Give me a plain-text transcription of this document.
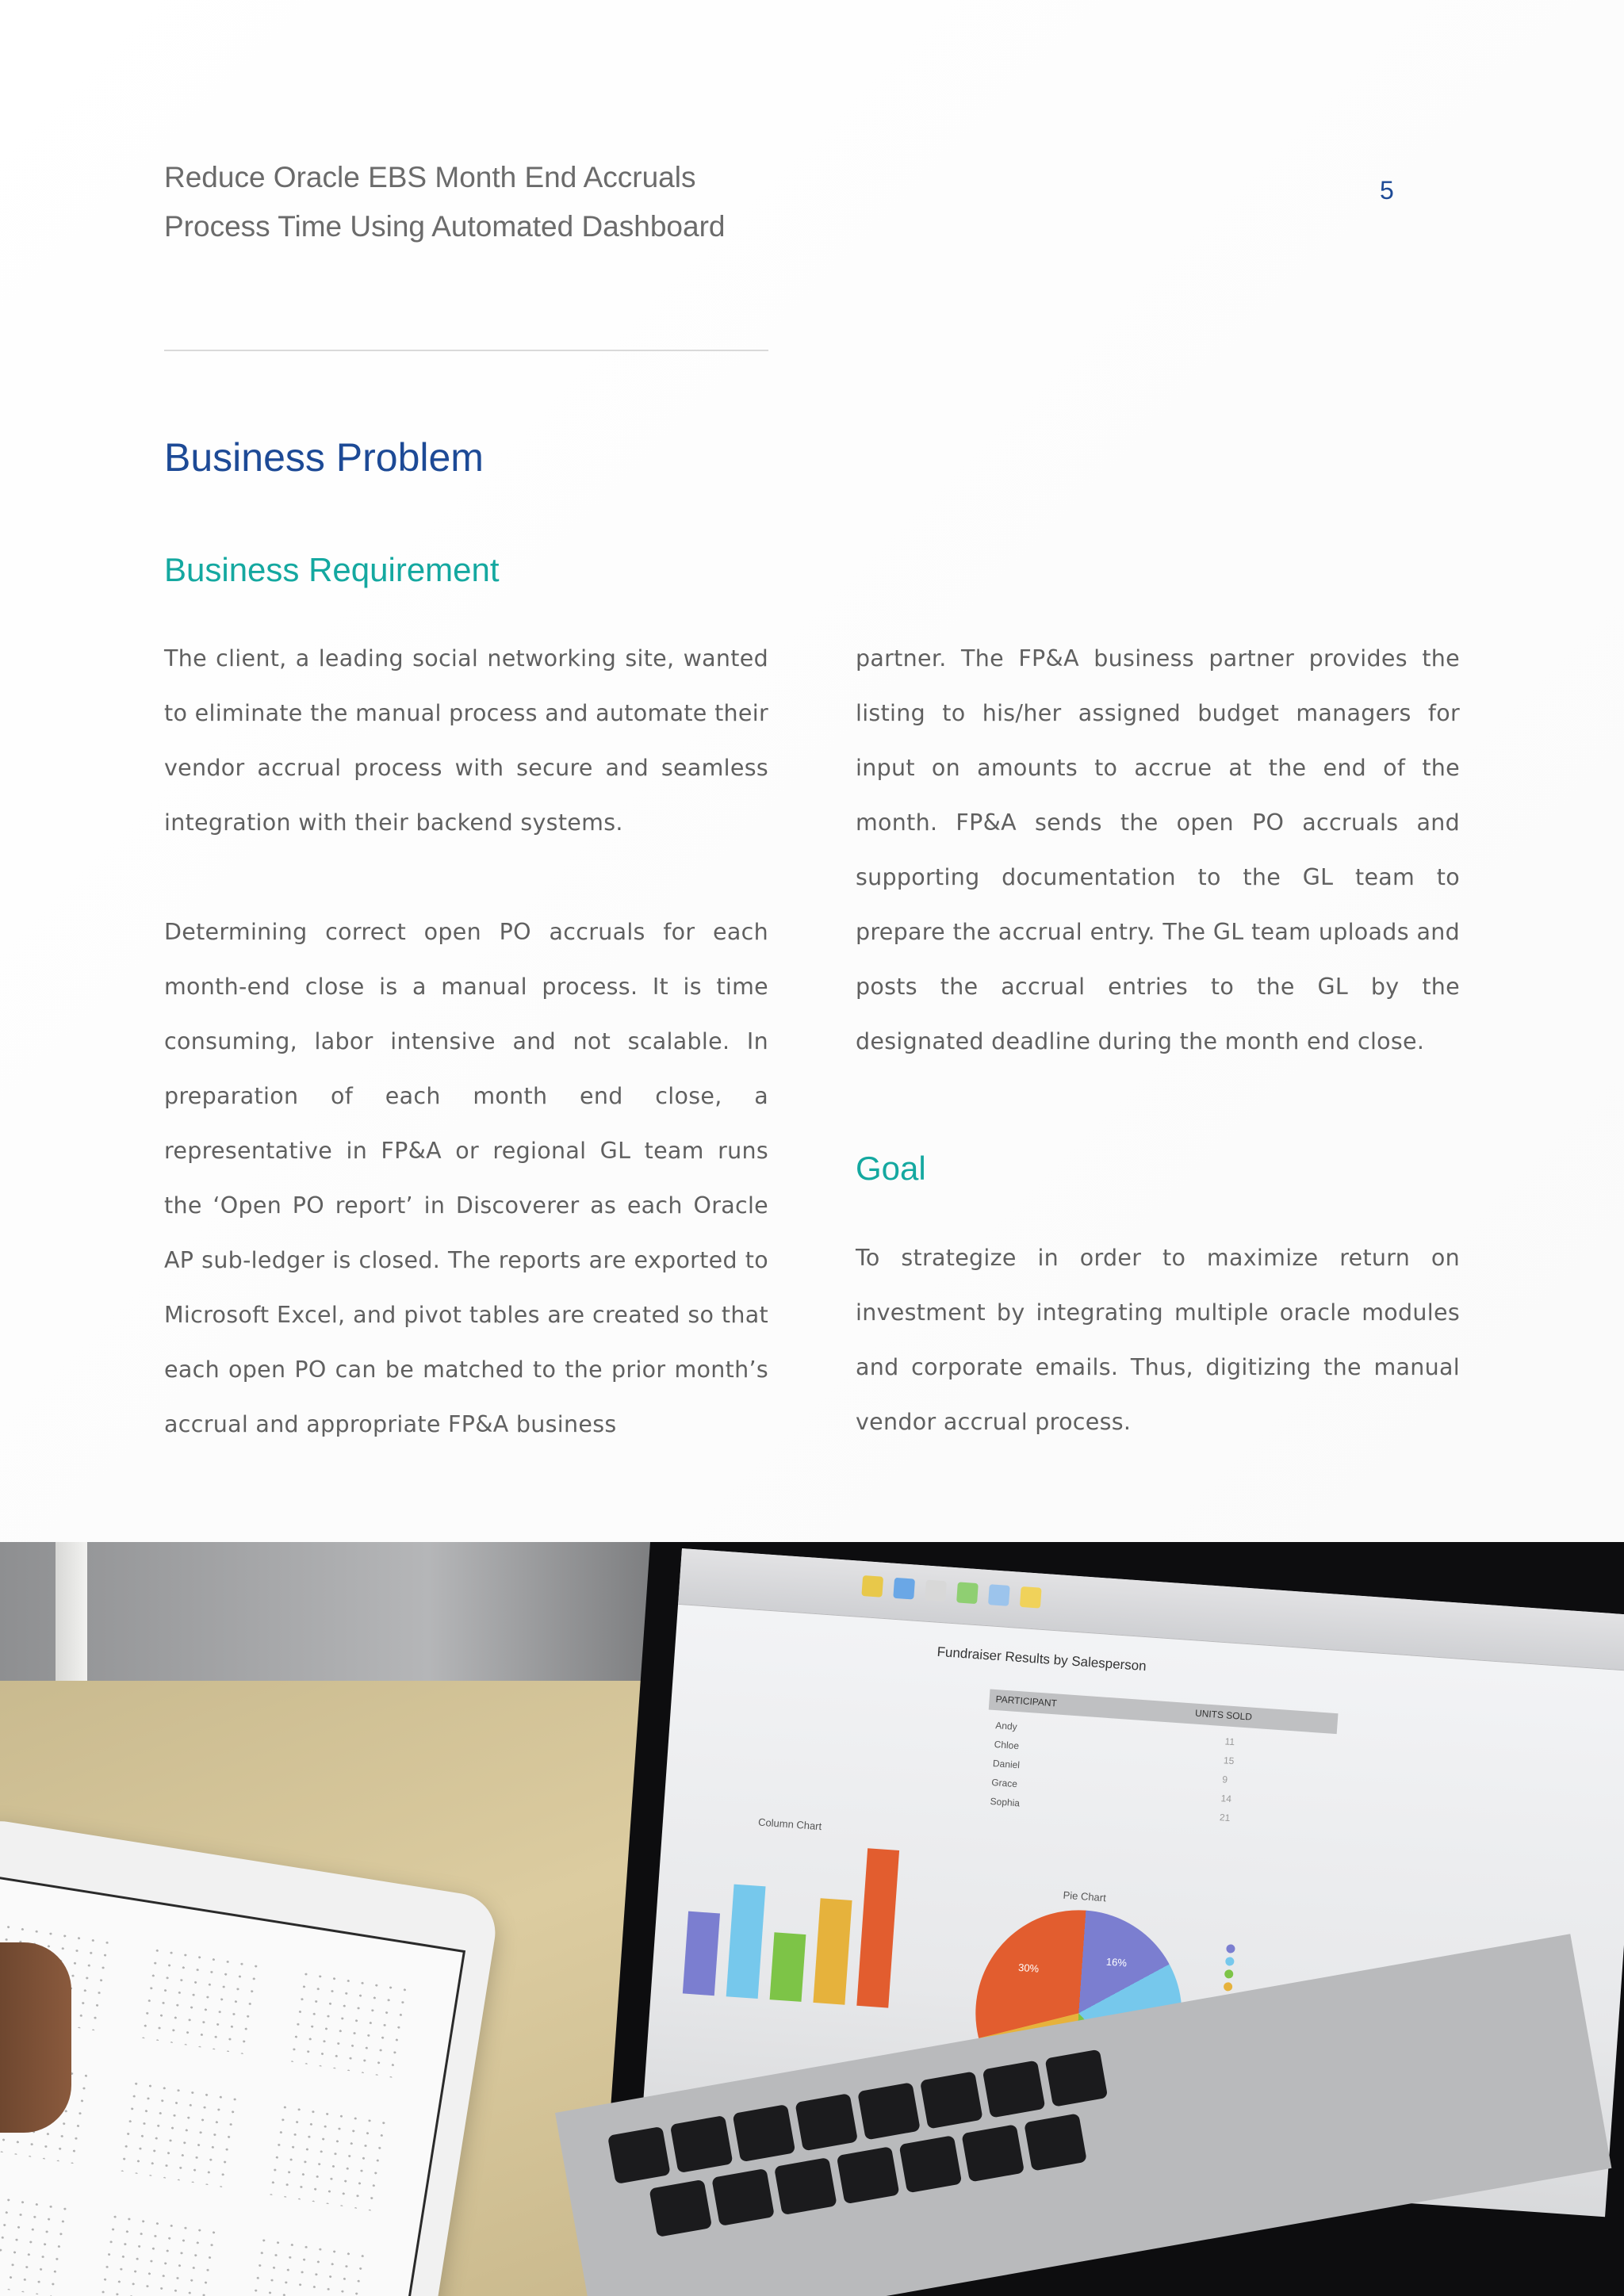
Reduce Oracle EBS Month End Accruals
Process Time Using Automated Dashboard
5
Business Problem
Business Requirement

The client, a leading social networking site, wanted to eliminate the manual process and automate their vendor accrual process with secure and seamless integration with their backend systems.

Determining correct open PO accruals for each month-end close is a manual process. It is time consuming, labor intensive and not scalable. In preparation of each month end close, a representative in FP&A or regional GL team runs the ‘Open PO report’ in Discoverer as each Oracle AP sub-ledger is closed. The reports are exported to Microsoft Excel, and pivot tables are created so that each open PO can be matched to the prior month’s accrual and appropriate FP&A business

partner. The FP&A business partner provides the listing to his/her assigned budget managers for input on amounts to accrue at the end of the month. FP&A sends the open PO accruals and supporting documentation to the GL team to prepare the accrual entry. The GL team uploads and posts the accrual entries to the GL by the designated deadline during the month end close.

Goal

To strategize in order to maximize return on investment by integrating multiple oracle modules and corporate emails. Thus, digitizing the manual vendor accrual process.

Fundraiser Results by Salesperson
PARTICIPANT
UNITS SOLD
Andy
Chloe
Daniel
Grace
Sophia
11
15
9
14
21
Column Chart
Pie Chart
16%
30%
